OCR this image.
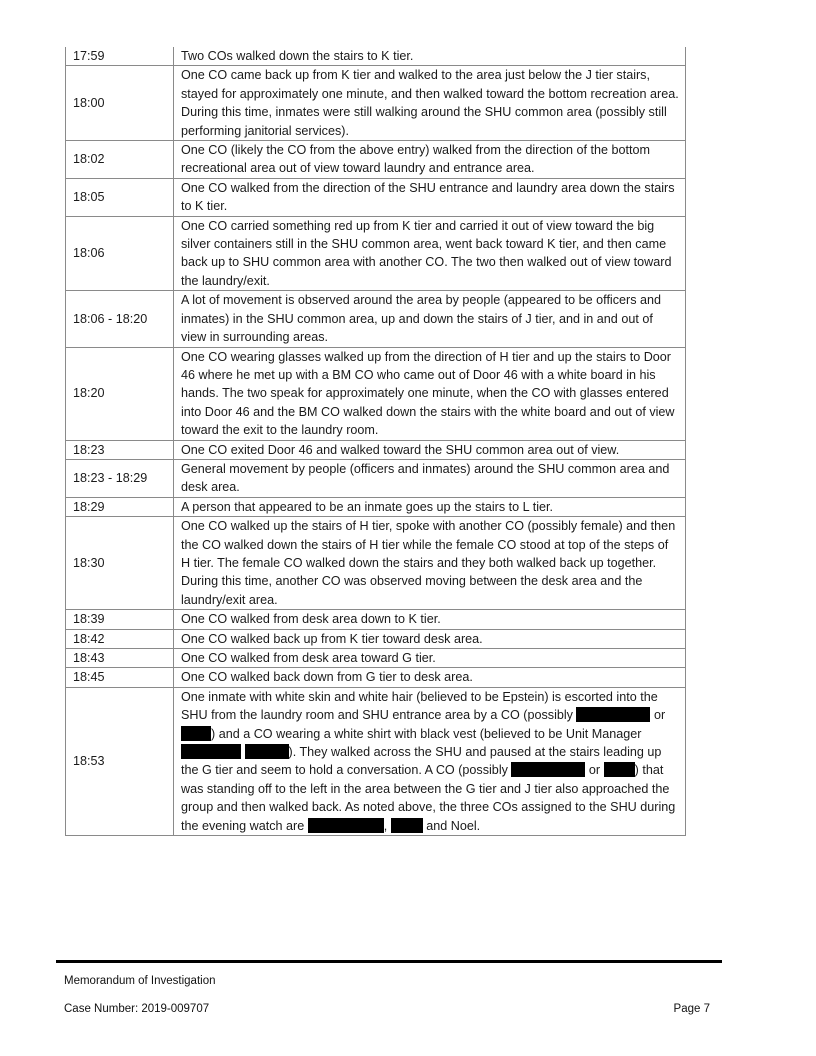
17:59	Two COs walked down the stairs to K tier.
18:00	One CO came back up from K tier and walked to the area just below the J tier stairs, stayed for approximately one minute, and then walked toward the bottom recreation area. During this time, inmates were still walking around the SHU common area (possibly still performing janitorial services).
18:02	One CO (likely the CO from the above entry) walked from the direction of the bottom recreational area out of view toward laundry and entrance area.
18:05	One CO walked from the direction of the SHU entrance and laundry area down the stairs to K tier.
18:06	One CO carried something red up from K tier and carried it out of view toward the big silver containers still in the SHU common area, went back toward K tier, and then came back up to SHU common area with another CO. The two then walked out of view toward the laundry/exit.
18:06 - 18:20	A lot of movement is observed around the area by people (appeared to be officers and inmates) in the SHU common area, up and down the stairs of J tier, and in and out of view in surrounding areas.
18:20	One CO wearing glasses walked up from the direction of H tier and up the stairs to Door 46 where he met up with a BM CO who came out of Door 46 with a white board in his hands. The two speak for approximately one minute, when the CO with glasses entered into Door 46 and the BM CO walked down the stairs with the white board and out of view toward the exit to the laundry room.
18:23	One CO exited Door 46 and walked toward the SHU common area out of view.
18:23 - 18:29	General movement by people (officers and inmates) around the SHU common area and desk area.
18:29	A person that appeared to be an inmate goes up the stairs to L tier.
18:30	One CO walked up the stairs of H tier, spoke with another CO (possibly female) and then the CO walked down the stairs of H tier while the female CO stood at top of the steps of H tier. The female CO walked down the stairs and they both walked back up together. During this time, another CO was observed moving between the desk area and the laundry/exit area.
18:39	One CO walked from desk area down to K tier.
18:42	One CO walked back up from K tier toward desk area.
18:43	One CO walked from desk area toward G tier.
18:45	One CO walked back down from G tier to desk area.
18:53	One inmate with white skin and white hair (believed to be Epstein) is escorted into the SHU from the laundry room and SHU entrance area by a CO (possibly or ) and a CO wearing a white shirt with black vest (believed to be Unit Manager  ). They walked across the SHU and paused at the stairs leading up the G tier and seem to hold a conversation. A CO (possibly or ) that was standing off to the left in the area between the G tier and J tier also approached the group and then walked back. As noted above, the three COs assigned to the SHU during the evening watch are , and Noel.
Memorandum of Investigation
Case Number: 2019-009707	Page 7
